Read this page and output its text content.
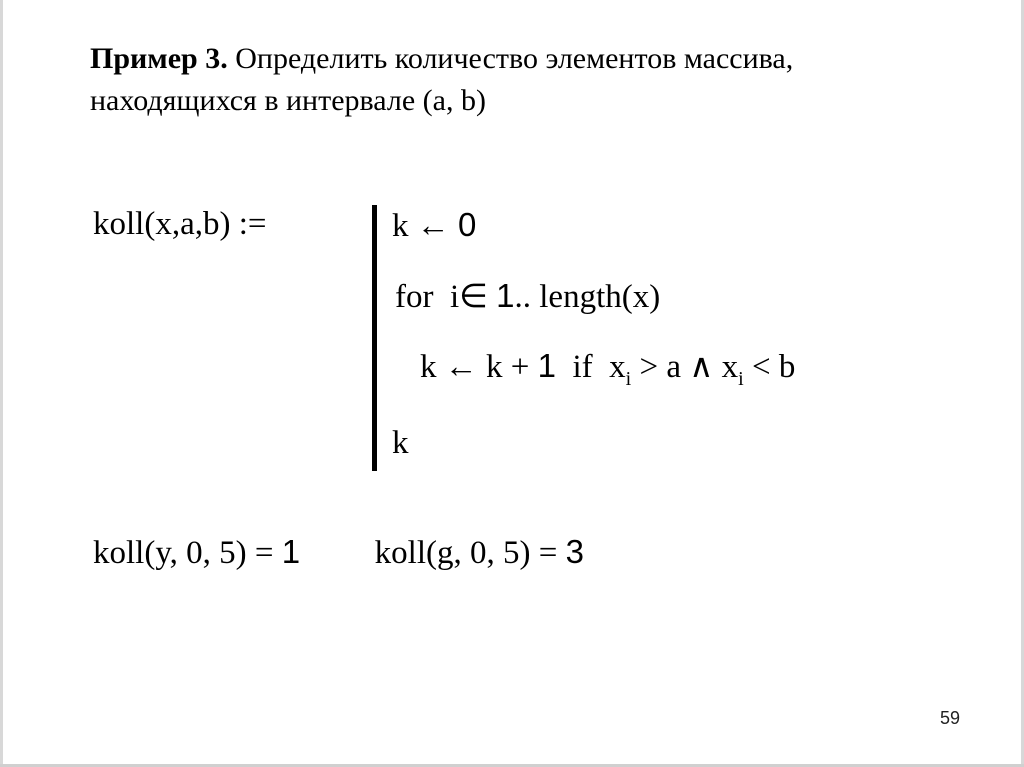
Пример 3. Определить количество элементов массива,
находящихся в интервале (a, b)
koll(x,a,b) :=	k ← 0
for i∈ 1.. length(x)
k ← k + 1 if $x_i > a$ ∧ $x_i < b$
k
koll(y, 0, 5) = 1 koll(g, 0, 5) = 3
59
